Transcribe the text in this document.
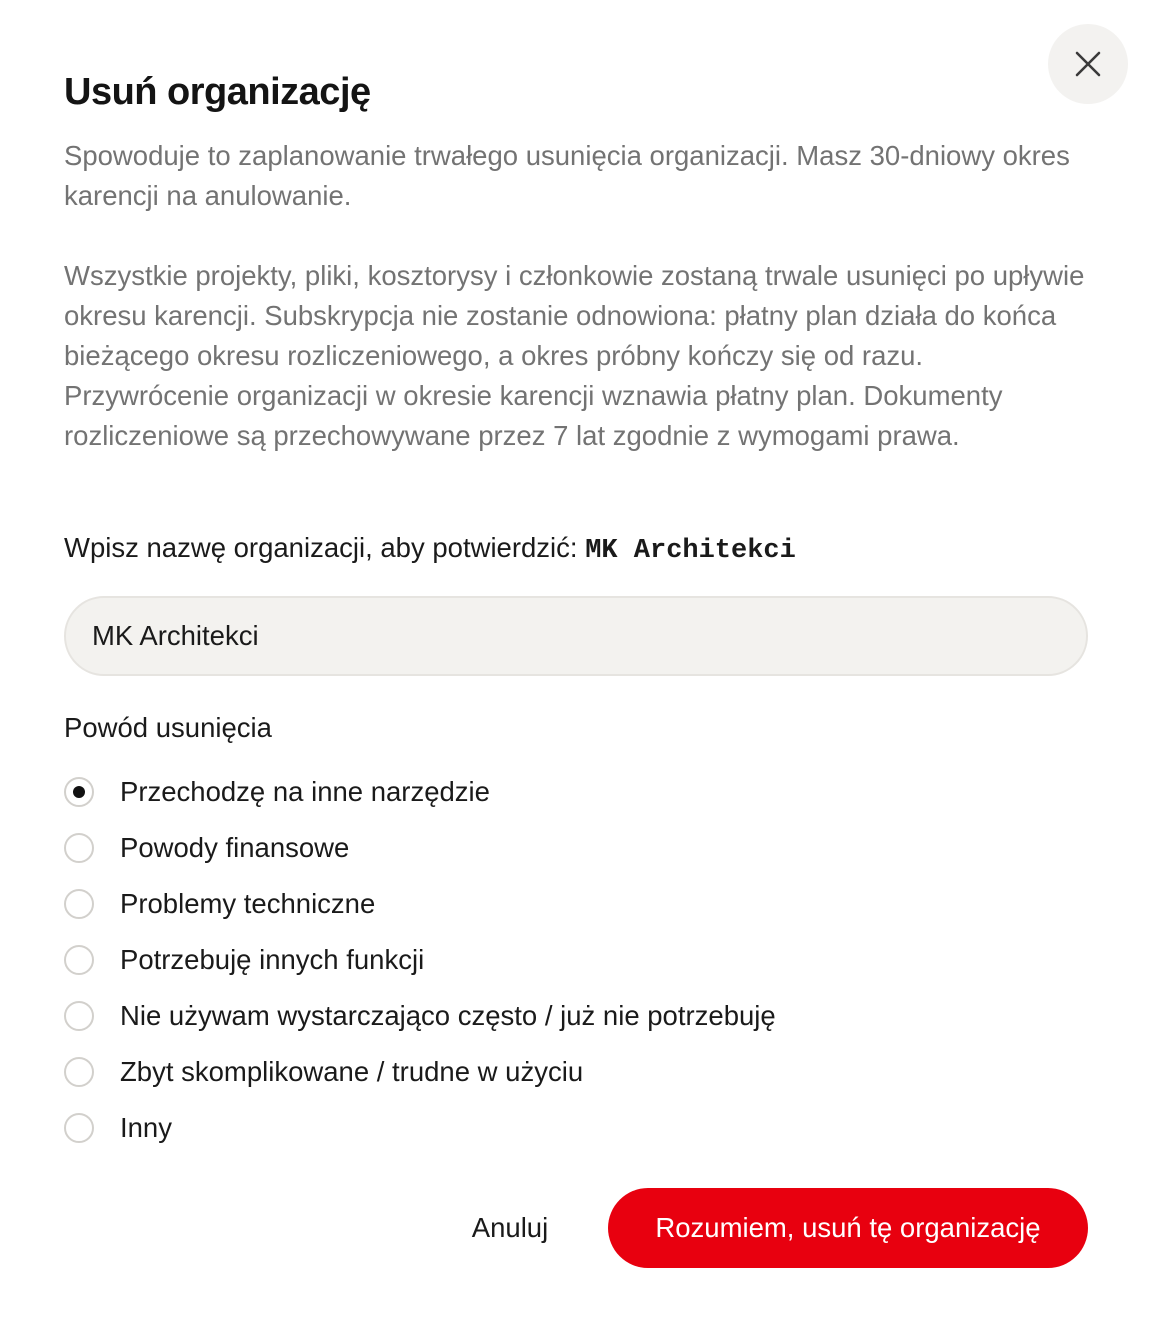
Usuń organizację

Spowoduje to zaplanowanie trwałego usunięcia organizacji. Masz 30-dniowy okres karencji na anulowanie.

Wszystkie projekty, pliki, kosztorysy i członkowie zostaną trwale usunięci po upływie okresu karencji. Subskrypcja nie zostanie odnowiona: płatny plan działa do końca bieżącego okresu rozliczeniowego, a okres próbny kończy się od razu. Przywrócenie organizacji w okresie karencji wznawia płatny plan. Dokumenty rozliczeniowe są przechowywane przez 7 lat zgodnie z wymogami prawa.

Wpisz nazwę organizacji, aby potwierdzić: MK Architekci
MK Architekci
Powód usunięcia
Przechodzę na inne narzędzie
Powody finansowe
Problemy techniczne
Potrzebuję innych funkcji
Nie używam wystarczająco często / już nie potrzebuję
Zbyt skomplikowane / trudne w użyciu
Inny
Anuluj	Rozumiem, usuń tę organizację
